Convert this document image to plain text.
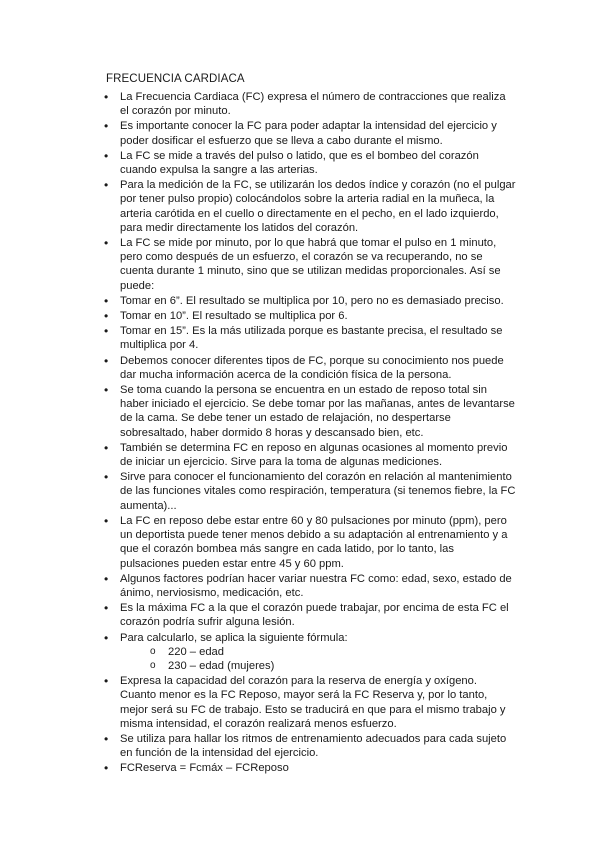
FRECUENCIA CARDIACA
• La Frecuencia Cardiaca (FC) expresa el número de contracciones que realiza el corazón por minuto.
• Es importante conocer la FC para poder adaptar la intensidad del ejercicio y poder dosificar el esfuerzo que se lleva a cabo durante el mismo.
• La FC se mide a través del pulso o latido, que es el bombeo del corazón cuando expulsa la sangre a las arterias.
• Para la medición de la FC, se utilizarán los dedos índice y corazón (no el pulgar por tener pulso propio) colocándolos sobre la arteria radial en la muñeca, la arteria carótida en el cuello o directamente en el pecho, en el lado izquierdo, para medir directamente los latidos del corazón.
• La FC se mide por minuto, por lo que habrá que tomar el pulso en 1 minuto, pero como después de un esfuerzo, el corazón se va recuperando, no se cuenta durante 1 minuto, sino que se utilizan medidas proporcionales. Así se puede:
• Tomar en 6”. El resultado se multiplica por 10, pero no es demasiado preciso.
• Tomar en 10”. El resultado se multiplica por 6.
• Tomar en 15”. Es la más utilizada porque es bastante precisa, el resultado se multiplica por 4.
• Debemos conocer diferentes tipos de FC, porque su conocimiento nos puede dar mucha información acerca de la condición física de la persona.
• Se toma cuando la persona se encuentra en un estado de reposo total sin haber iniciado el ejercicio. Se debe tomar por las mañanas, antes de levantarse de la cama. Se debe tener un estado de relajación, no despertarse sobresaltado, haber dormido 8 horas y descansado bien, etc.
• También se determina FC en reposo en algunas ocasiones al momento previo de iniciar un ejercicio. Sirve para la toma de algunas mediciones.
• Sirve para conocer el funcionamiento del corazón en relación al mantenimiento de las funciones vitales como respiración, temperatura (si tenemos fiebre, la FC aumenta)...
• La FC en reposo debe estar entre 60 y 80 pulsaciones por minuto (ppm), pero un deportista puede tener menos debido a su adaptación al entrenamiento y a que el corazón bombea más sangre en cada latido, por lo tanto, las pulsaciones pueden estar entre 45 y 60 ppm.
• Algunos factores podrían hacer variar nuestra FC como: edad, sexo, estado de ánimo, nerviosismo, medicación, etc.
• Es la máxima FC a la que el corazón puede trabajar, por encima de esta FC el corazón podría sufrir alguna lesión.
• Para calcularlo, se aplica la siguiente fórmula:
o 220 – edad
o 230 – edad (mujeres)
• Expresa la capacidad del corazón para la reserva de energía y oxígeno. Cuanto menor es la FC Reposo, mayor será la FC Reserva y, por lo tanto, mejor será su FC de trabajo. Esto se traducirá en que para el mismo trabajo y misma intensidad, el corazón realizará menos esfuerzo.
• Se utiliza para hallar los ritmos de entrenamiento adecuados para cada sujeto en función de la intensidad del ejercicio.
• FCReserva = Fcmáx – FCReposo
